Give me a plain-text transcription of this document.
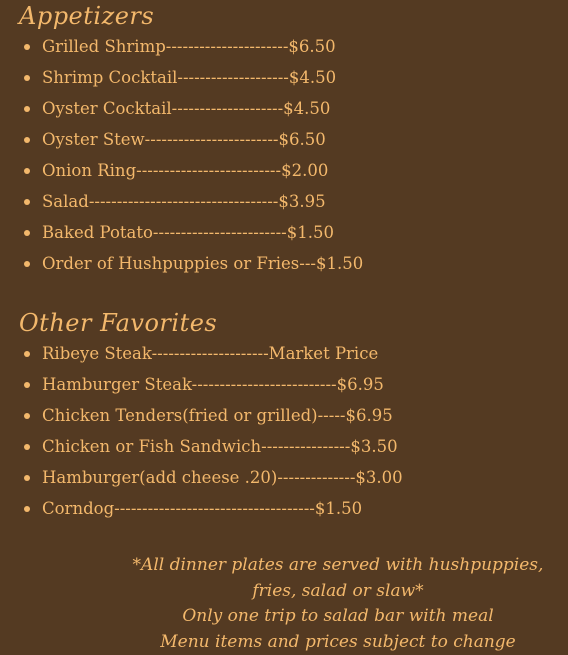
Appetizers
Grilled Shrimp----------------------$6.50
Shrimp Cocktail--------------------$4.50
Oyster Cocktail--------------------$4.50
Oyster Stew------------------------$6.50
Onion Ring--------------------------$2.00
Salad----------------------------------$3.95
Baked Potato------------------------$1.50
Order of Hushpuppies or Fries---$1.50
Other Favorites
Ribeye Steak---------------------Market Price
Hamburger Steak--------------------------$6.95
Chicken Tenders(fried or grilled)-----$6.95
Chicken or Fish Sandwich----------------$3.50
Hamburger(add cheese .20)--------------$3.00
Corndog------------------------------------$1.50
*All dinner plates are served with hushpuppies,
fries, salad or slaw*
Only one trip to salad bar with meal
Menu items and prices subject to change
